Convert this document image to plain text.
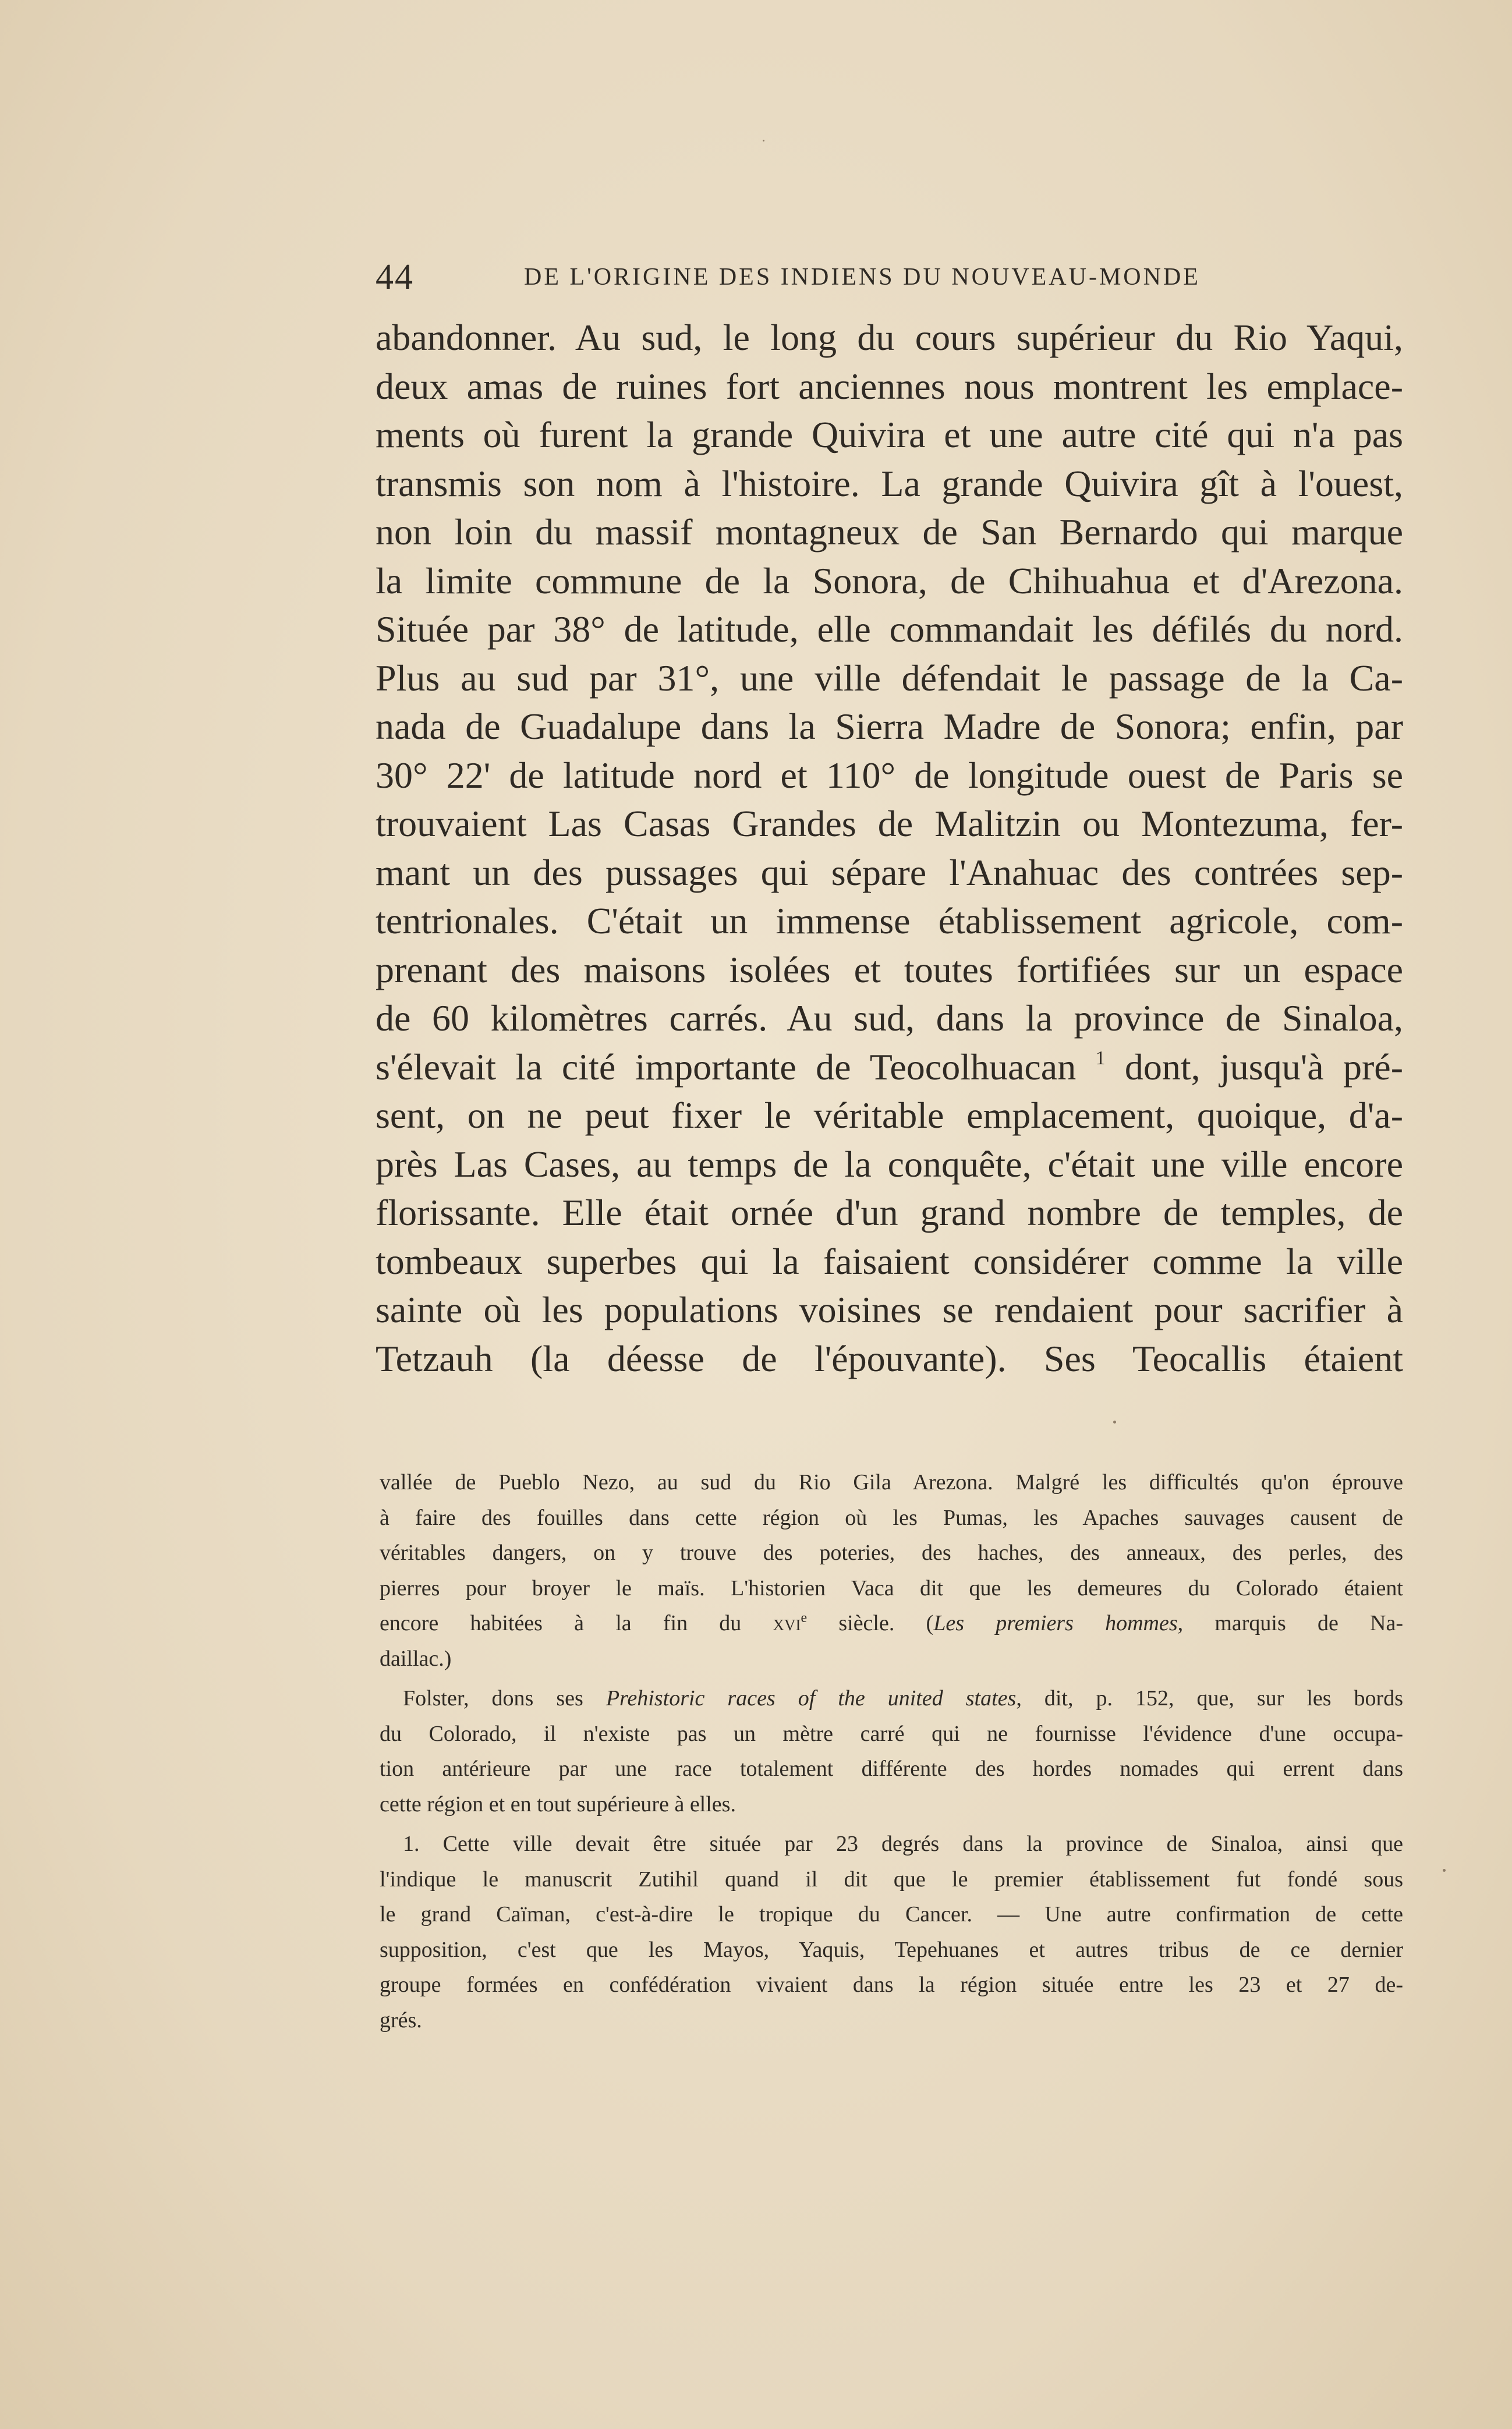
44	DE L'ORIGINE DES INDIENS DU NOUVEAU-MONDE
abandonner. Au sud, le long du cours supérieur du Rio Yaqui,
deux amas de ruines fort anciennes nous montrent les emplace-
ments où furent la grande Quivira et une autre cité qui n'a pas
transmis son nom à l'histoire. La grande Quivira gît à l'ouest,
non loin du massif montagneux de San Bernardo qui marque
la limite commune de la Sonora, de Chihuahua et d'Arezona.
Située par 38° de latitude, elle commandait les défilés du nord.
Plus au sud par 31°, une ville défendait le passage de la Ca-
nada de Guadalupe dans la Sierra Madre de Sonora; enfin, par
30° 22' de latitude nord et 110° de longitude ouest de Paris se
trouvaient Las Casas Grandes de Malitzin ou Montezuma, fer-
mant un des pussages qui sépare l'Anahuac des contrées sep-
tentrionales. C'était un immense établissement agricole, com-
prenant des maisons isolées et toutes fortifiées sur un espace
de 60 kilomètres carrés. Au sud, dans la province de Sinaloa,
s'élevait la cité importante de Teocolhuacan $^1$ dont, jusqu'à pré-
sent, on ne peut fixer le véritable emplacement, quoique, d'a-
près Las Cases, au temps de la conquête, c'était une ville encore
florissante. Elle était ornée d'un grand nombre de temples, de
tombeaux superbes qui la faisaient considérer comme la ville
sainte où les populations voisines se rendaient pour sacrifier à
Tetzauh (la déesse de l'épouvante). Ses Teocallis étaient
vallée de Pueblo Nezo, au sud du Rio Gila Arezona. Malgré les difficultés qu'on éprouve
à faire des fouilles dans cette région où les Pumas, les Apaches sauvages causent de
véritables dangers, on y trouve des poteries, des haches, des anneaux, des perles, des
pierres pour broyer le maïs. L'historien Vaca dit que les demeures du Colorado étaient
encore habitées à la fin du xvi$^e$ siècle. (Les premiers hommes, marquis de Na-
daillac.)
Folster, dons ses Prehistoric races of the united states, dit, p. 152, que, sur les bords
du Colorado, il n'existe pas un mètre carré qui ne fournisse l'évidence d'une occupa-
tion antérieure par une race totalement différente des hordes nomades qui errent dans
cette région et en tout supérieure à elles.
1. Cette ville devait être située par 23 degrés dans la province de Sinaloa, ainsi que
l'indique le manuscrit Zutihil quand il dit que le premier établissement fut fondé sous
le grand Caïman, c'est-à-dire le tropique du Cancer. — Une autre confirmation de cette
supposition, c'est que les Mayos, Yaquis, Tepehuanes et autres tribus de ce dernier
groupe formées en confédération vivaient dans la région située entre les 23 et 27 de-
grés.
